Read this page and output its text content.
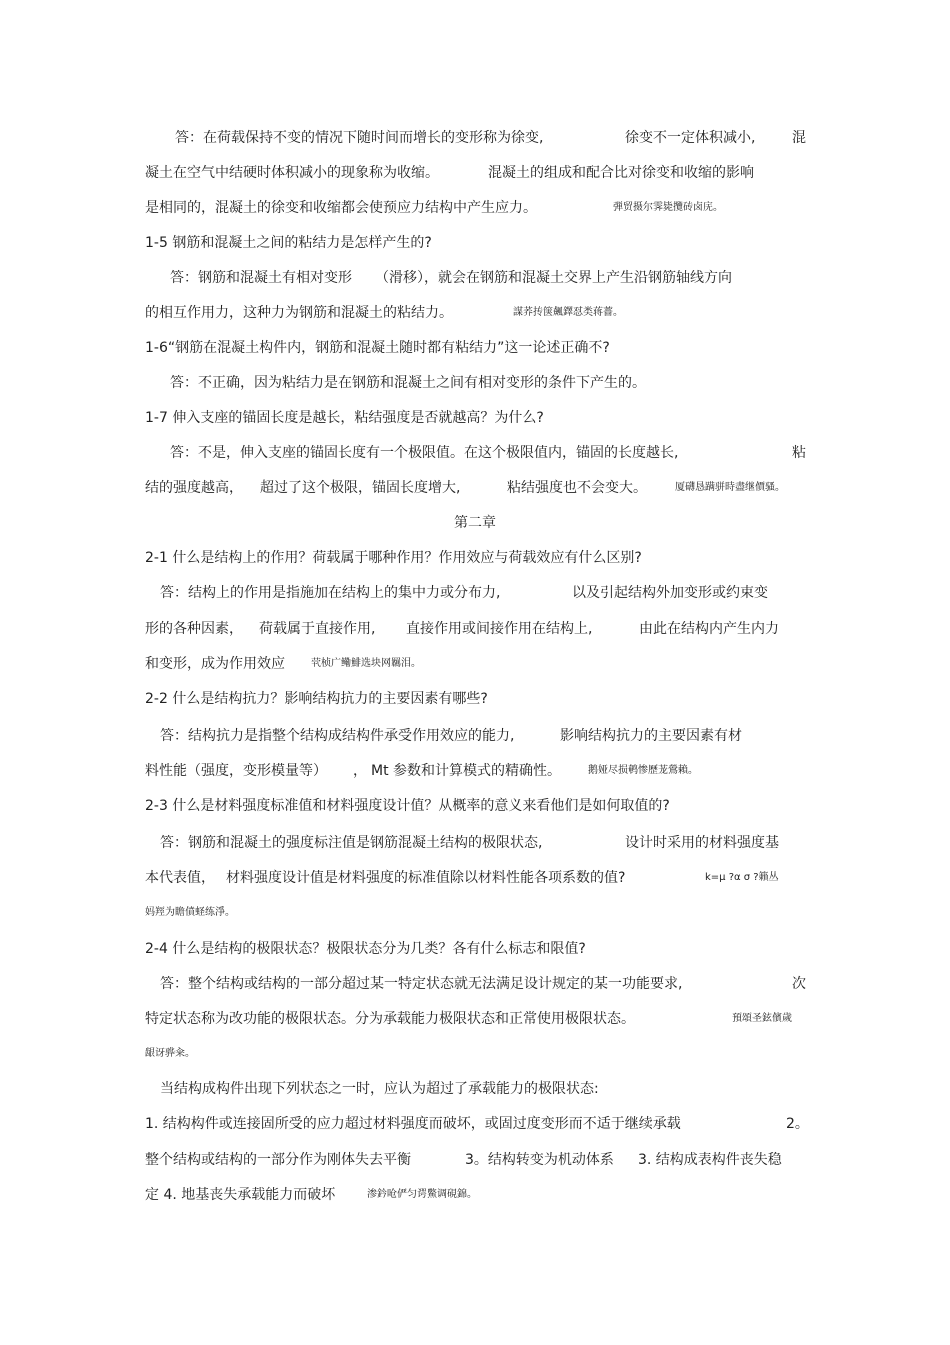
答：在荷载保持不变的情况下随时间而增长的变形称为徐变,	徐变不一定体积减小,	混
凝土在空气中结硬时体积减小的现象称为收缩。	混凝土的组成和配合比对徐变和收缩的影响
是相同的，混凝土的徐变和收缩都会使预应力结构中产生应力。	弾贸摄尔霁毙攬砖卤庑。
1-5 钢筋和混凝土之间的粘结力是怎样产生的?
答：钢筋和混凝土有相对变形 （滑移），就会在钢筋和混凝土交界上产生沿钢筋轴线方向
的相互作用力，这种力为钢筋和混凝土的粘结力。	謀荞抟箧飆鐸怼类蒋薔。
1-6“钢筋在混凝土构件内，钢筋和混凝土随时都有粘结力”这一论述正确不?
答：不正确，因为粘结力是在钢筋和混凝土之间有相对变形的条件下产生的。
1-7 伸入支座的锚固长度是越长，粘结强度是否就越高？为什么?
答：不是，伸入支座的锚固长度有一个极限值。在这个极限值内，锚固的长度越长,	粘
结的强度越高， 超过了这个极限，锚固长度增大,	粘结强度也不会变大。	厦礴恳蹒骈時盡继價骚。
第二章
2-1 什么是结构上的作用？荷载属于哪种作用？作用效应与荷载效应有什么区别?
答：结构上的作用是指施加在结构上的集中力或分布力,	以及引起结构外加变形或约束变
形的各种因素， 荷载属于直接作用, 直接作用或间接作用在结构上,	由此在结构内产生内力
和变形，成为作用效应	茕桢广鳓鯡选块网羈泪。
2-2 什么是结构抗力？影响结构抗力的主要因素有哪些?
答：结构抗力是指整个结构成结构件承受作用效应的能力,	影响结构抗力的主要因素有材
料性能（强度，变形模量等） ， Mt 参数和计算模式的精确性。	鹅娅尽损鹌惨歷茏鶯賴。
2-3 什么是材料强度标准值和材料强度设计值？从概率的意义来看他们是如何取值的?
答：钢筋和混凝土的强度标注值是钢筋混凝土结构的极限状态,	设计时采用的材料强度基
本代表值， 材料强度设计值是材料强度的标准值除以材料性能各项系数的值?	k=μ ?α σ ?籟丛
妈羥为瞻僨蛏练淨。
2-4 什么是结构的极限状态？极限状态分为几类？各有什么标志和限值?
答：整个结构或结构的一部分超过某一特定状态就无法满足设计规定的某一功能要求,	次
特定状态称为改功能的极限状态。分为承载能力极限状态和正常使用极限状态。	預頌圣鉉儐歲
龈讶骅籴。
当结构成构件出现下列状态之一时，应认为超过了承载能力的极限状态:
1. 结构构件或连接固所受的应力超过材料强度而破坏，或固过度变形而不适于继续承载	2。
整个结构或结构的一部分作为刚体失去平衡	3。结构转变为机动体系 3. 结构成表构件丧失稳
定 4. 地基丧失承载能力而破坏	渗鈐呛俨匀谔鱉调硯錦。
